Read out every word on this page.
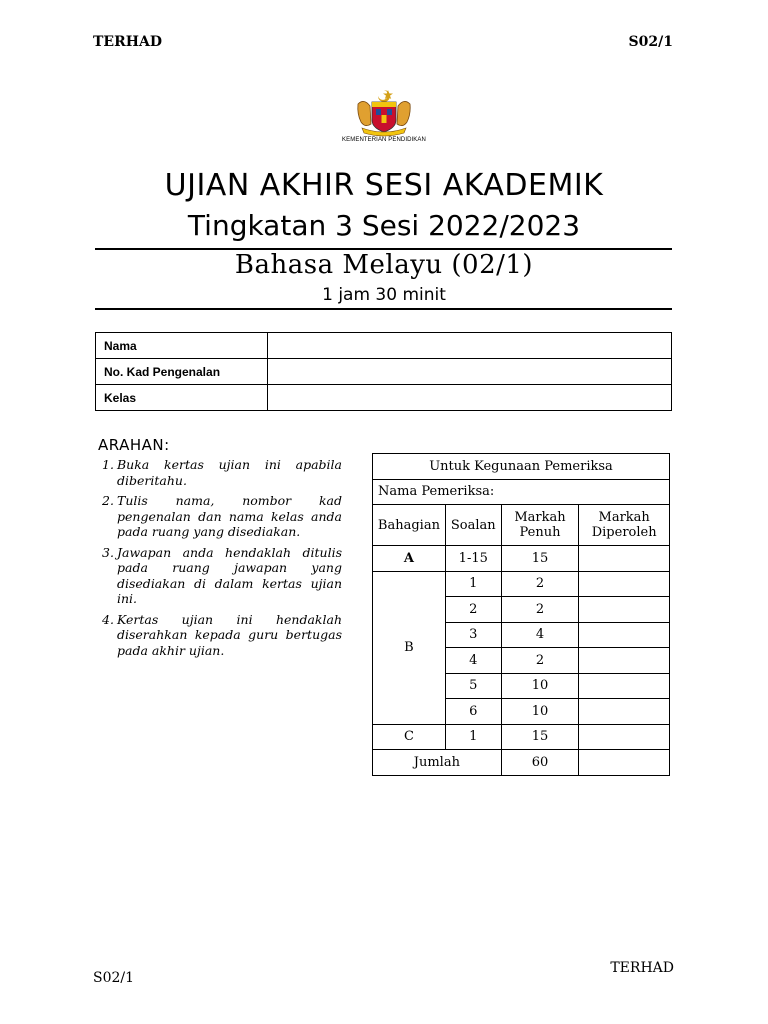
TERHAD	S02/1
KEMENTERIAN PENDIDIKAN
UJIAN AKHIR SESI AKADEMIK
Tingkatan 3 Sesi 2022/2023
Bahasa Melayu (02/1)
1 jam 30 minit
Nama	
No. Kad Pengenalan	
Kelas	
ARAHAN:
1. Buka kertas ujian ini apabila diberitahu.
2. Tulis nama, nombor kad pengenalan dan nama kelas anda pada ruang yang disediakan.
3. Jawapan anda hendaklah ditulis pada ruang jawapan yang disediakan di dalam kertas ujian ini.
4. Kertas ujian ini hendaklah diserahkan kepada guru bertugas pada akhir ujian.
Untuk Kegunaan Pemeriksa			
Nama Pemeriksa:			
Bahagian	Soalan	Markah Penuh	Markah Diperoleh
A	1-15	15	
B	1	2	
	2	2	
	3	4	
	4	2	
	5	10	
	6	10	
C	1	15	
Jumlah		60	
S02/1
TERHAD
